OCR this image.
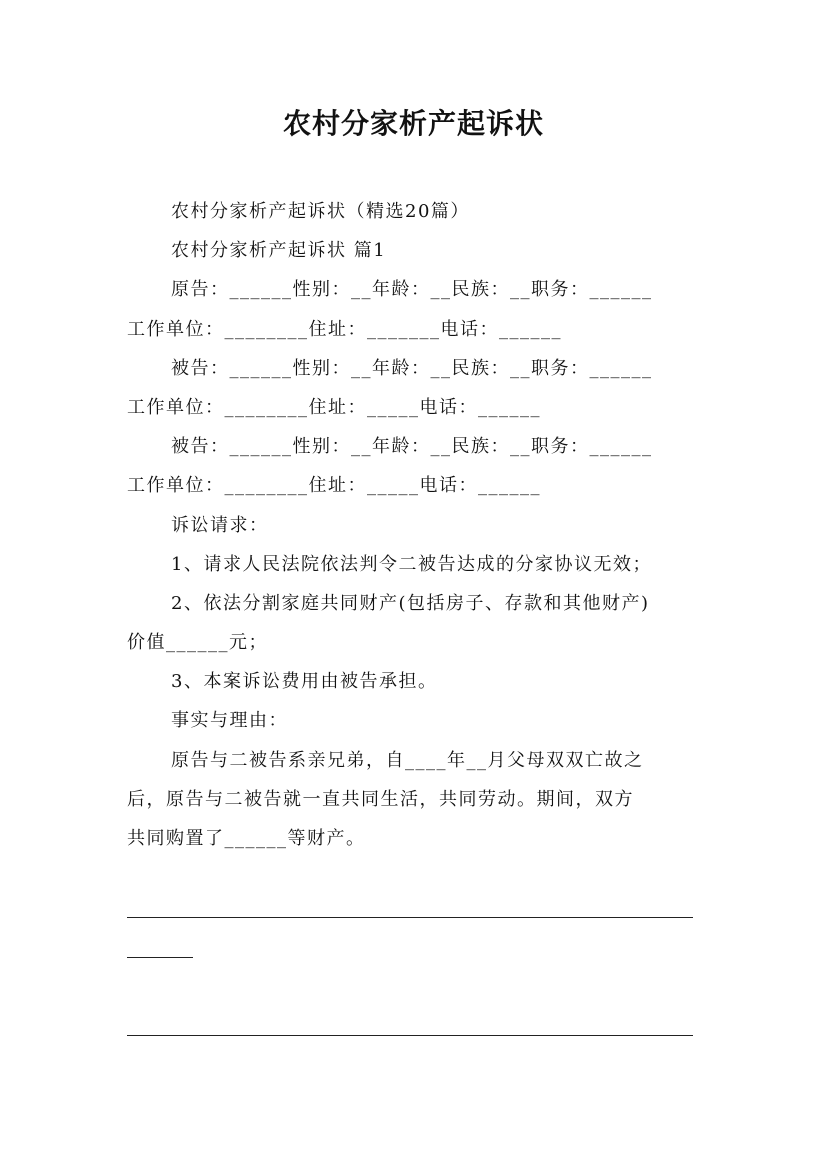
农村分家析产起诉状

农村分家析产起诉状（精选20篇）

农村分家析产起诉状 篇1

原告：______性别：__年龄：__民族：__职务：______

工作单位：________住址：_______电话：______

被告：______性别：__年龄：__民族：__职务：______

工作单位：________住址：_____电话：______

被告：______性别：__年龄：__民族：__职务：______

工作单位：________住址：_____电话：______

诉讼请求：

1、请求人民法院依法判令二被告达成的分家协议无效；

2、依法分割家庭共同财产(包括房子、存款和其他财产)

价值______元；

3、本案诉讼费用由被告承担。

事实与理由：

原告与二被告系亲兄弟，自____年__月父母双双亡故之

后，原告与二被告就一直共同生活，共同劳动。期间，双方

共同购置了______等财产。
